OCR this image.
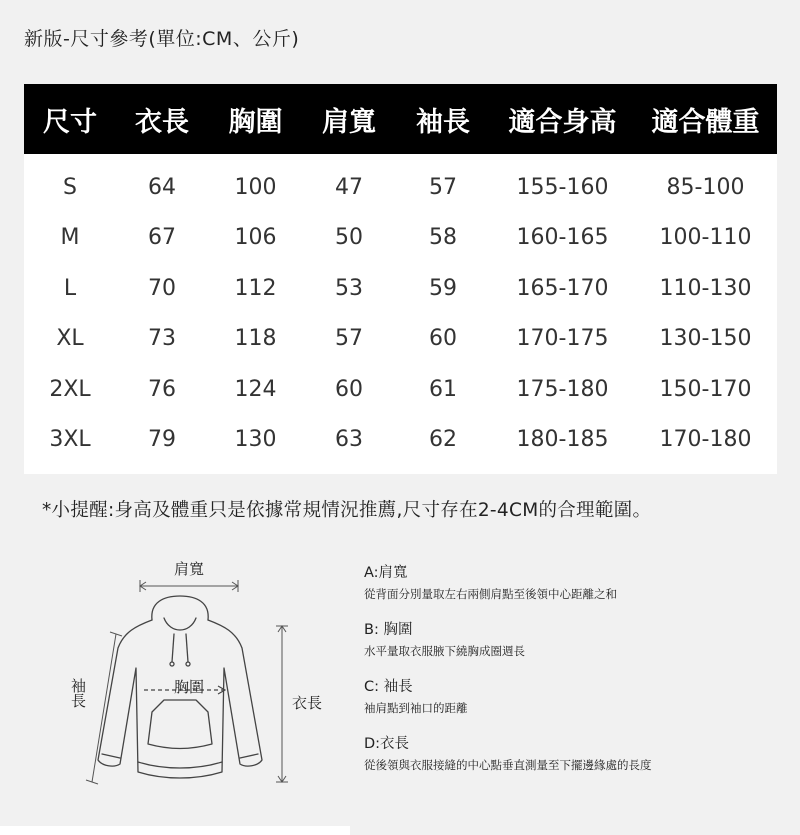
新版-尺寸參考(單位:CM、公斤)
尺寸	衣長	胸圍	肩寬	袖長	適合身高	適合體重
S	64	100	47	57	155-160	85-100
M	67	106	50	58	160-165	100-110
L	70	112	53	59	165-170	110-130
XL	73	118	57	60	170-175	130-150
2XL	76	124	60	61	175-180	150-170
3XL	79	130	63	62	180-185	170-180
*小提醒:身高及體重只是依據常規情況推薦,尺寸存在2-4CM的合理範圍。
肩寬
胸圍
衣長
袖長
A:肩寬
從背面分別量取左右兩側肩點至後領中心距離之和
B: 胸圍
水平量取衣服腋下繞胸成圈週長
C: 袖長
袖肩點到袖口的距離
D:衣長
從後領與衣服接縫的中心點垂直測量至下擺邊緣處的長度
